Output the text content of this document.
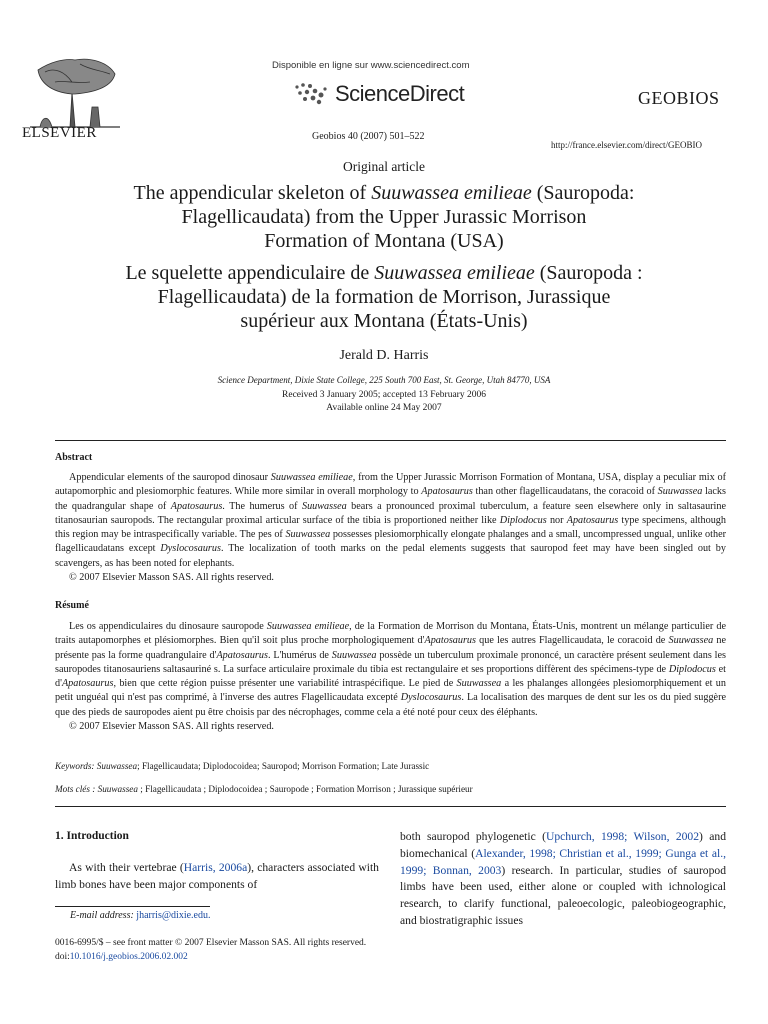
ELSEVIER
Disponible en ligne sur www.sciencedirect.com
ScienceDirect	GEOBIOS
Geobios 40 (2007) 501–522
http://france.elsevier.com/direct/GEOBIO
Original article
The appendicular skeleton of Suuwassea emilieae (Sauropoda:
Flagellicaudata) from the Upper Jurassic Morrison
Formation of Montana (USA)
Le squelette appendiculaire de Suuwassea emilieae (Sauropoda :
Flagellicaudata) de la formation de Morrison, Jurassique
supérieur aux Montana (États-Unis)
Jerald D. Harris
Science Department, Dixie State College, 225 South 700 East, St. George, Utah 84770, USA
Received 3 January 2005; accepted 13 February 2006
Available online 24 May 2007
Abstract
Appendicular elements of the sauropod dinosaur Suuwassea emilieae, from the Upper Jurassic Morrison Formation of Montana, USA, display a peculiar mix of autapomorphic and plesiomorphic features. While more similar in overall morphology to Apatosaurus than other flagellicaudatans, the coracoid of Suuwassea lacks the quadrangular shape of Apatosaurus. The humerus of Suuwassea bears a pronounced proximal tuberculum, a feature seen elsewhere only in saltasaurine titanosaurian sauropods. The rectangular proximal articular surface of the tibia is proportioned neither like Diplodocus nor Apatosaurus type specimens, although this region may be intraspecifically variable. The pes of Suuwassea possesses plesiomorphically elongate phalanges and a small, uncompressed ungual, unlike other flagellicaudatans except Dyslocosaurus. The localization of tooth marks on the pedal elements suggests that sauropod feet may have been singled out by scavengers, as has been noted for elephants.
© 2007 Elsevier Masson SAS. All rights reserved.
Résumé
Les os appendiculaires du dinosaure sauropode Suuwassea emilieae, de la Formation de Morrison du Montana, États-Unis, montrent un mélange particulier de traits autapomorphes et plésiomorphes. Bien qu'il soit plus proche morphologiquement d'Apatosaurus que les autres Flagellicaudata, le coracoid de Suuwassea ne présente pas la forme quadrangulaire d'Apatosaurus. L'humérus de Suuwassea possède un tuberculum proximale prononcé, un caractère présent seulement dans les sauropodes titanosauriens saltasauriné s. La surface articulaire proximale du tibia est rectangulaire et ses proportions diffèrent des spécimens-type de Diplodocus et d'Apatosaurus, bien que cette région puisse présenter une variabilité intraspécifique. Le pied de Suuwassea a les phalanges allongées plesiomorphiquement et un petit unguéal qui n'est pas comprimé, à l'inverse des autres Flagellicaudata excepté Dyslocosaurus. La localisation des marques de dent sur les os du pied suggère que des pieds de sauropodes aient pu être choisis par des nécrophages, comme cela a été noté pour ceux des éléphants.
© 2007 Elsevier Masson SAS. All rights reserved.
Keywords: Suuwassea; Flagellicaudata; Diplodocoidea; Sauropod; Morrison Formation; Late Jurassic
Mots clés : Suuwassea ; Flagellicaudata ; Diplodocoidea ; Sauropode ; Formation Morrison ; Jurassique supérieur
1. Introduction
As with their vertebrae (Harris, 2006a), characters associated with limb bones have been major components of
both sauropod phylogenetic (Upchurch, 1998; Wilson, 2002) and biomechanical (Alexander, 1998; Christian et al., 1999; Gunga et al., 1999; Bonnan, 2003) research. In particular, studies of sauropod limbs have been used, either alone or coupled with ichnological research, to clarify functional, paleoecologic, paleobiogeographic, and biostratigraphic issues
E-mail address: jharris@dixie.edu.
0016-6995/$ – see front matter © 2007 Elsevier Masson SAS. All rights reserved.
doi:10.1016/j.geobios.2006.02.002
